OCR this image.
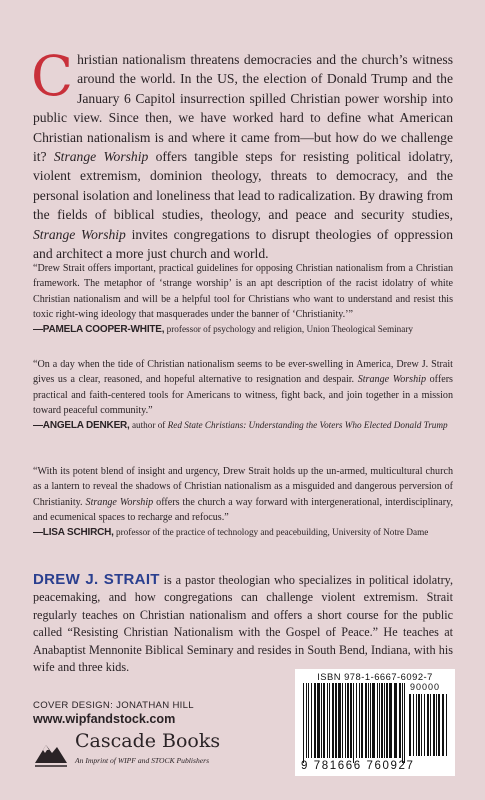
C hristian nationalism threatens democracies and the church’s witness around the world. In the US, the election of Donald Trump and the January 6 Capitol insurrection spilled Christian power worship into public view. Since then, we have worked hard to define what American Christian nationalism is and where it came from—but how do we challenge it? Strange Worship offers tangible steps for resisting political idolatry, violent extremism, dominion theology, threats to democracy, and the personal isolation and loneliness that lead to radicalization. By drawing from the fields of biblical studies, theology, and peace and security studies, Strange Worship invites congregations to disrupt theologies of oppression and architect a more just church and world.

“Drew Strait offers important, practical guidelines for opposing Christian nationalism from a Christian framework. The metaphor of ‘strange worship’ is an apt description of the racist idolatry of white Christian nationalism and will be a helpful tool for Christians who want to understand and resist this toxic right-wing ideology that masquerades under the banner of ‘Christianity.’”

—PAMELA COOPER-WHITE, professor of psychology and religion, Union Theological Seminary

“On a day when the tide of Christian nationalism seems to be ever-swelling in America, Drew J. Strait gives us a clear, reasoned, and hopeful alternative to resignation and despair. Strange Worship offers practical and faith-centered tools for Americans to witness, fight back, and join together in a mission toward peaceful community.”

—ANGELA DENKER, author of Red State Christians: Understanding the Voters Who Elected Donald Trump

“With its potent blend of insight and urgency, Drew Strait holds up the un-armed, multicultural church as a lantern to reveal the shadows of Christian nationalism as a misguided and dangerous perversion of Christianity. Strange Worship offers the church a way forward with intergenerational, interdisciplinary, and ecumenical spaces to recharge and refocus.”

—LISA SCHIRCH, professor of the practice of technology and peacebuilding, University of Notre Dame

DREW J. STRAIT is a pastor theologian who specializes in political idolatry, peacemaking, and how congregations can challenge violent extremism. Strait regularly teaches on Christian nationalism and offers a short course for the public called “Resisting Christian Nationalism with the Gospel of Peace.” He teaches at Anabaptist Mennonite Biblical Seminary and resides in South Bend, Indiana, with his wife and three kids.

COVER DESIGN: JONATHAN HILL
www.wipfandstock.com
Cascade Books
An Imprint of WIPF and STOCK Publishers
ISBN 978-1-6667-6092-7
90000
9 781666 760927
